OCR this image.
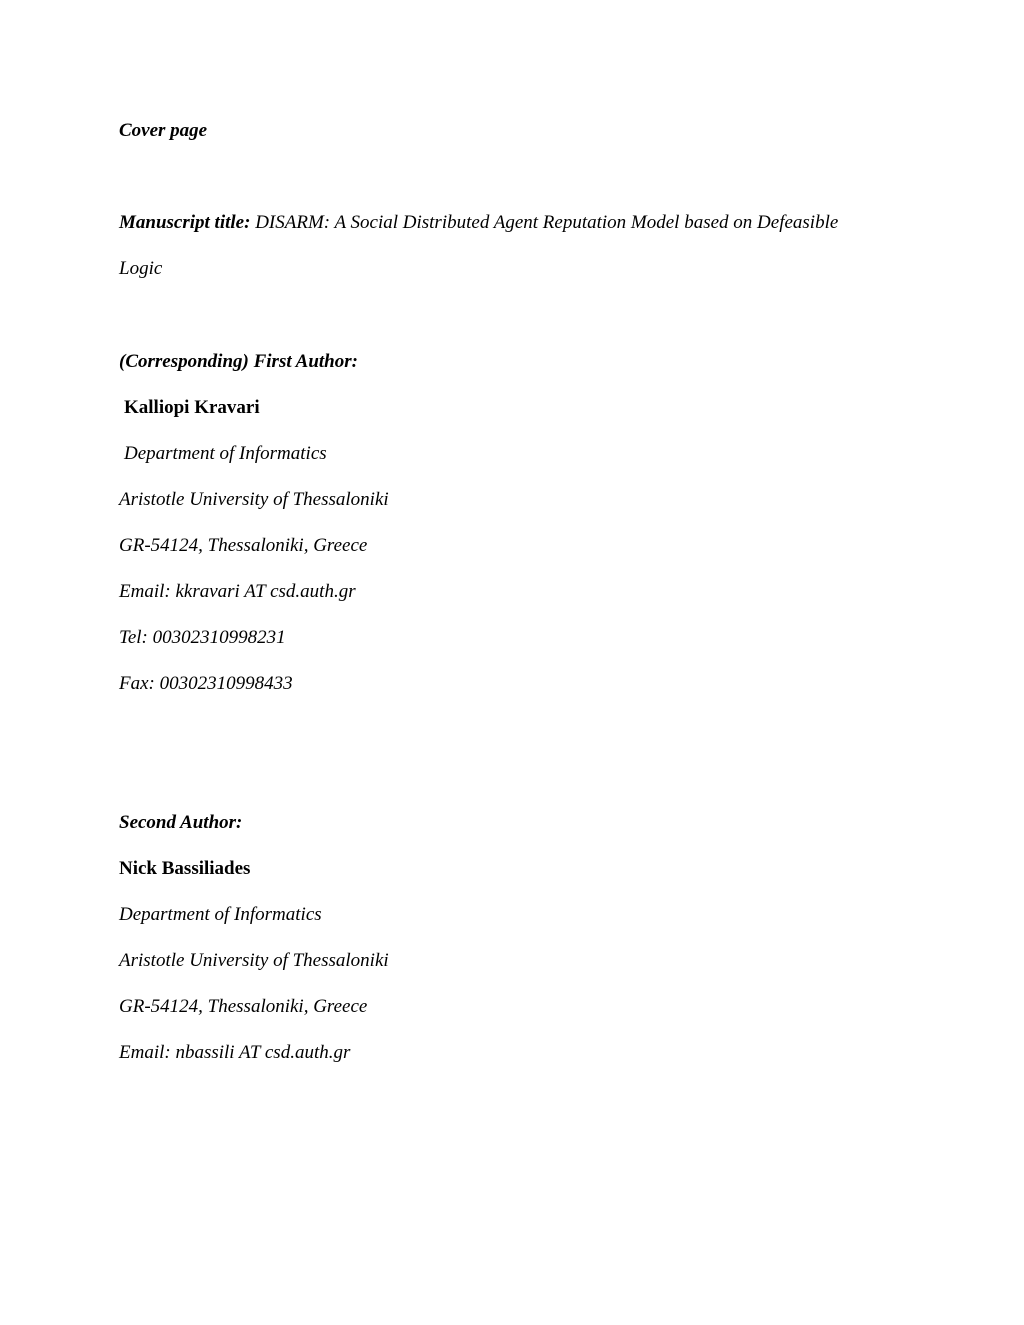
Cover page
Manuscript title: DISARM: A Social Distributed Agent Reputation Model based on Defeasible
Logic
(Corresponding) First Author:
Kalliopi Kravari
Department of Informatics
Aristotle University of Thessaloniki
GR-54124, Thessaloniki, Greece
Email: kkravari AT csd.auth.gr
Tel: 00302310998231
Fax: 00302310998433
Second Author:
Nick Bassiliades
Department of Informatics
Aristotle University of Thessaloniki
GR-54124, Thessaloniki, Greece
Email: nbassili AT csd.auth.gr
